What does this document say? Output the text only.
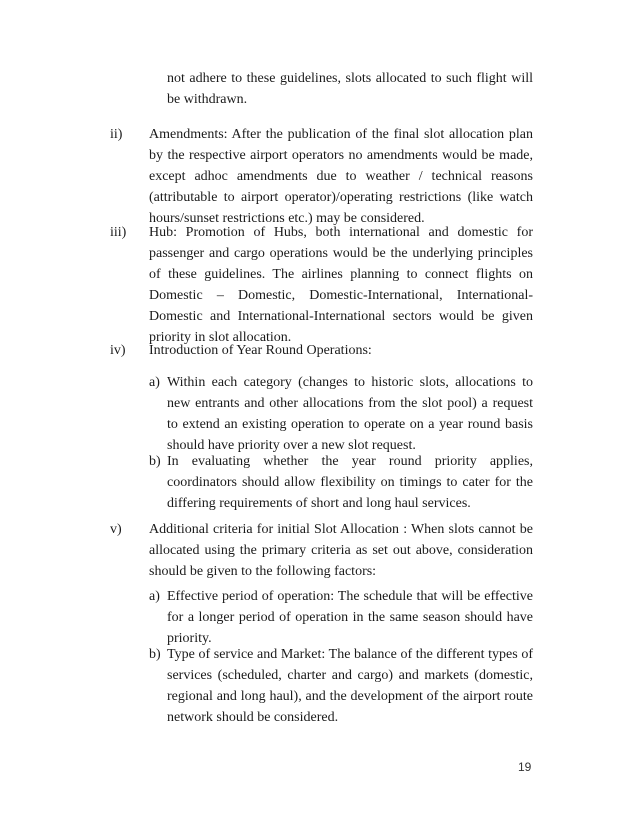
not adhere to these guidelines, slots allocated to such flight will be withdrawn.
ii) Amendments: After the publication of the final slot allocation plan by the respective airport operators no amendments would be made, except adhoc amendments due to weather / technical reasons (attributable to airport operator)/operating restrictions (like watch hours/sunset restrictions etc.) may be considered.
iii) Hub: Promotion of Hubs, both international and domestic for passenger and cargo operations would be the underlying principles of these guidelines. The airlines planning to connect flights on Domestic – Domestic, Domestic-International, International-Domestic and International-International sectors would be given priority in slot allocation.
iv) Introduction of Year Round Operations:
a) Within each category (changes to historic slots, allocations to new entrants and other allocations from the slot pool) a request to extend an existing operation to operate on a year round basis should have priority over a new slot request.
b) In evaluating whether the year round priority applies, coordinators should allow flexibility on timings to cater for the differing requirements of short and long haul services.
v) Additional criteria for initial Slot Allocation : When slots cannot be allocated using the primary criteria as set out above, consideration should be given to the following factors:
a) Effective period of operation: The schedule that will be effective for a longer period of operation in the same season should have priority.
b) Type of service and Market: The balance of the different types of services (scheduled, charter and cargo) and markets (domestic, regional and long haul), and the development of the airport route network should be considered.
19
